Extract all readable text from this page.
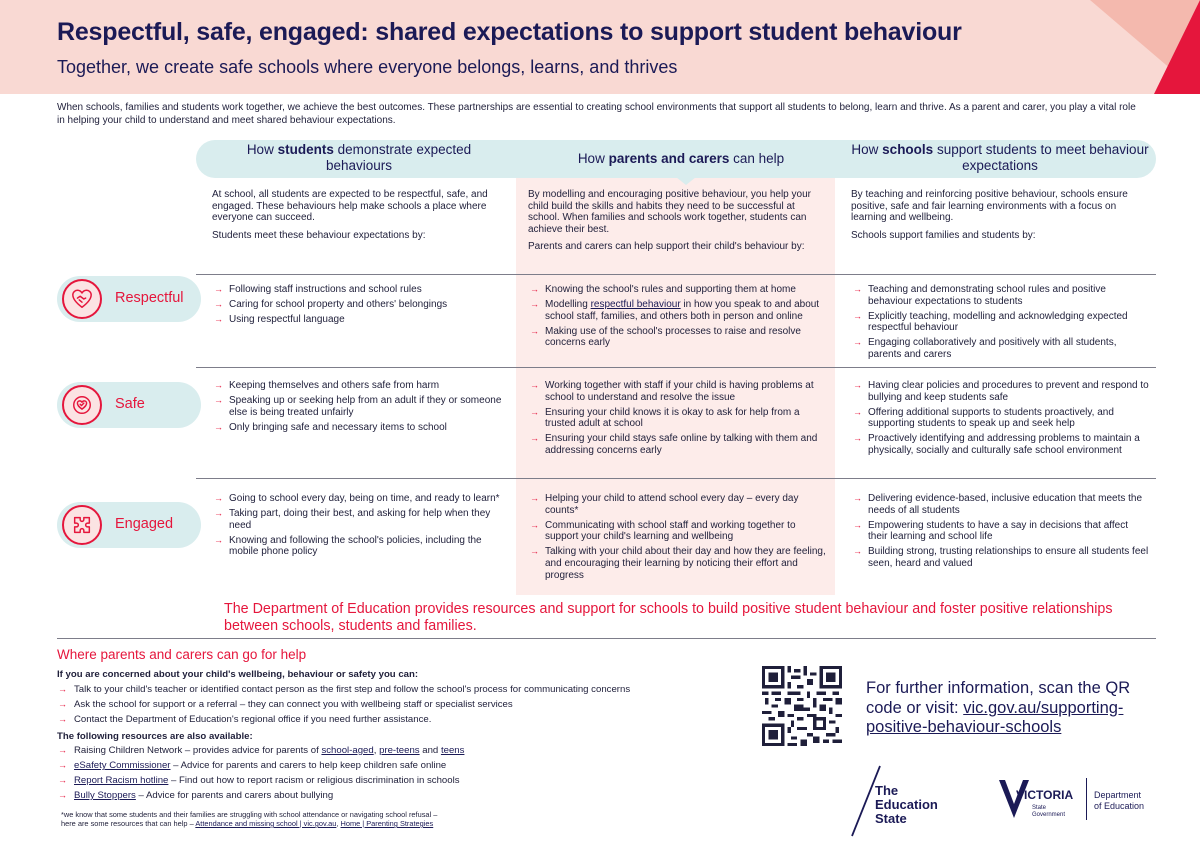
Respectful, safe, engaged: shared expectations to support student behaviour
Together, we create safe schools where everyone belongs, learns, and thrives
When schools, families and students work together, we achieve the best outcomes. These partnerships are essential to creating school environments that support all students to belong, learn and thrive. As a parent and carer, you play a vital role in helping your child to understand and meet shared behaviour expectations.
How students demonstrate expected behaviours	How parents and carers can help
How schools support students to meet behaviour expectations

At school, all students are expected to be respectful, safe, and engaged. These behaviours help make schools a place where everyone can succeed.

Students meet these behaviour expectations by:

By modelling and encouraging positive behaviour, you help your child build the skills and habits they need to be successful at school. When families and schools work together, students can achieve their best.

Parents and carers can help support their child's behaviour by:

By teaching and reinforcing positive behaviour, schools ensure positive, safe and fair learning environments with a focus on learning and wellbeing.

Schools support families and students by:

Respectful
→ Following staff instructions and school rules
→ Caring for school property and others' belongings
→ Using respectful language
→ Knowing the school's rules and supporting them at home
→ Modelling respectful behaviour in how you speak to and about school staff, families, and others both in person and online
→ Making use of the school's processes to raise and resolve concerns early
→ Teaching and demonstrating school rules and positive behaviour expectations to students
→ Explicitly teaching, modelling and acknowledging expected respectful behaviour
→ Engaging collaboratively and positively with all students, parents and carers
Safe
→ Keeping themselves and others safe from harm
→ Speaking up or seeking help from an adult if they or someone else is being treated unfairly
→ Only bringing safe and necessary items to school
→ Working together with staff if your child is having problems at school to understand and resolve the issue
→ Ensuring your child knows it is okay to ask for help from a trusted adult at school
→ Ensuring your child stays safe online by talking with them and addressing concerns early
→ Having clear policies and procedures to prevent and respond to bullying and keep students safe
→ Offering additional supports to students proactively, and supporting students to speak up and seek help
→ Proactively identifying and addressing problems to maintain a physically, socially and culturally safe school environment
Engaged
→ Going to school every day, being on time, and ready to learn*
→ Taking part, doing their best, and asking for help when they need
→ Knowing and following the school's policies, including the mobile phone policy
→ Helping your child to attend school every day – every day counts*
→ Communicating with school staff and working together to support your child's learning and wellbeing
→ Talking with your child about their day and how they are feeling, and encouraging their learning by noticing their effort and progress
→ Delivering evidence-based, inclusive education that meets the needs of all students
→ Empowering students to have a say in decisions that affect their learning and school life
→ Building strong, trusting relationships to ensure all students feel seen, heard and valued
The Department of Education provides resources and support for schools to build positive student behaviour and foster positive relationships between schools, students and families.
Where parents and carers can go for help
If you are concerned about your child's wellbeing, behaviour or safety you can:
→ Talk to your child's teacher or identified contact person as the first step and follow the school's process for communicating concerns
→ Ask the school for support or a referral – they can connect you with wellbeing staff or specialist services
→ Contact the Department of Education's regional office if you need further assistance.
The following resources are also available:
→ Raising Children Network – provides advice for parents of school-aged, pre-teens and teens
→ eSafety Commissioner – Advice for parents and carers to help keep children safe online
→ Report Racism hotline – Find out how to report racism or religious discrimination in schools
→ Bully Stoppers – Advice for parents and carers about bullying
*we know that some students and their families are struggling with school attendance or navigating school refusal –
here are some resources that can help – Attendance and missing school | vic.gov.au, Home | Parenting Strategies
For further information, scan the QR code or visit: vic.gov.au/supporting-positive-behaviour-schools
The
Education
State
VICTORIA
State
Government
Department
of Education
